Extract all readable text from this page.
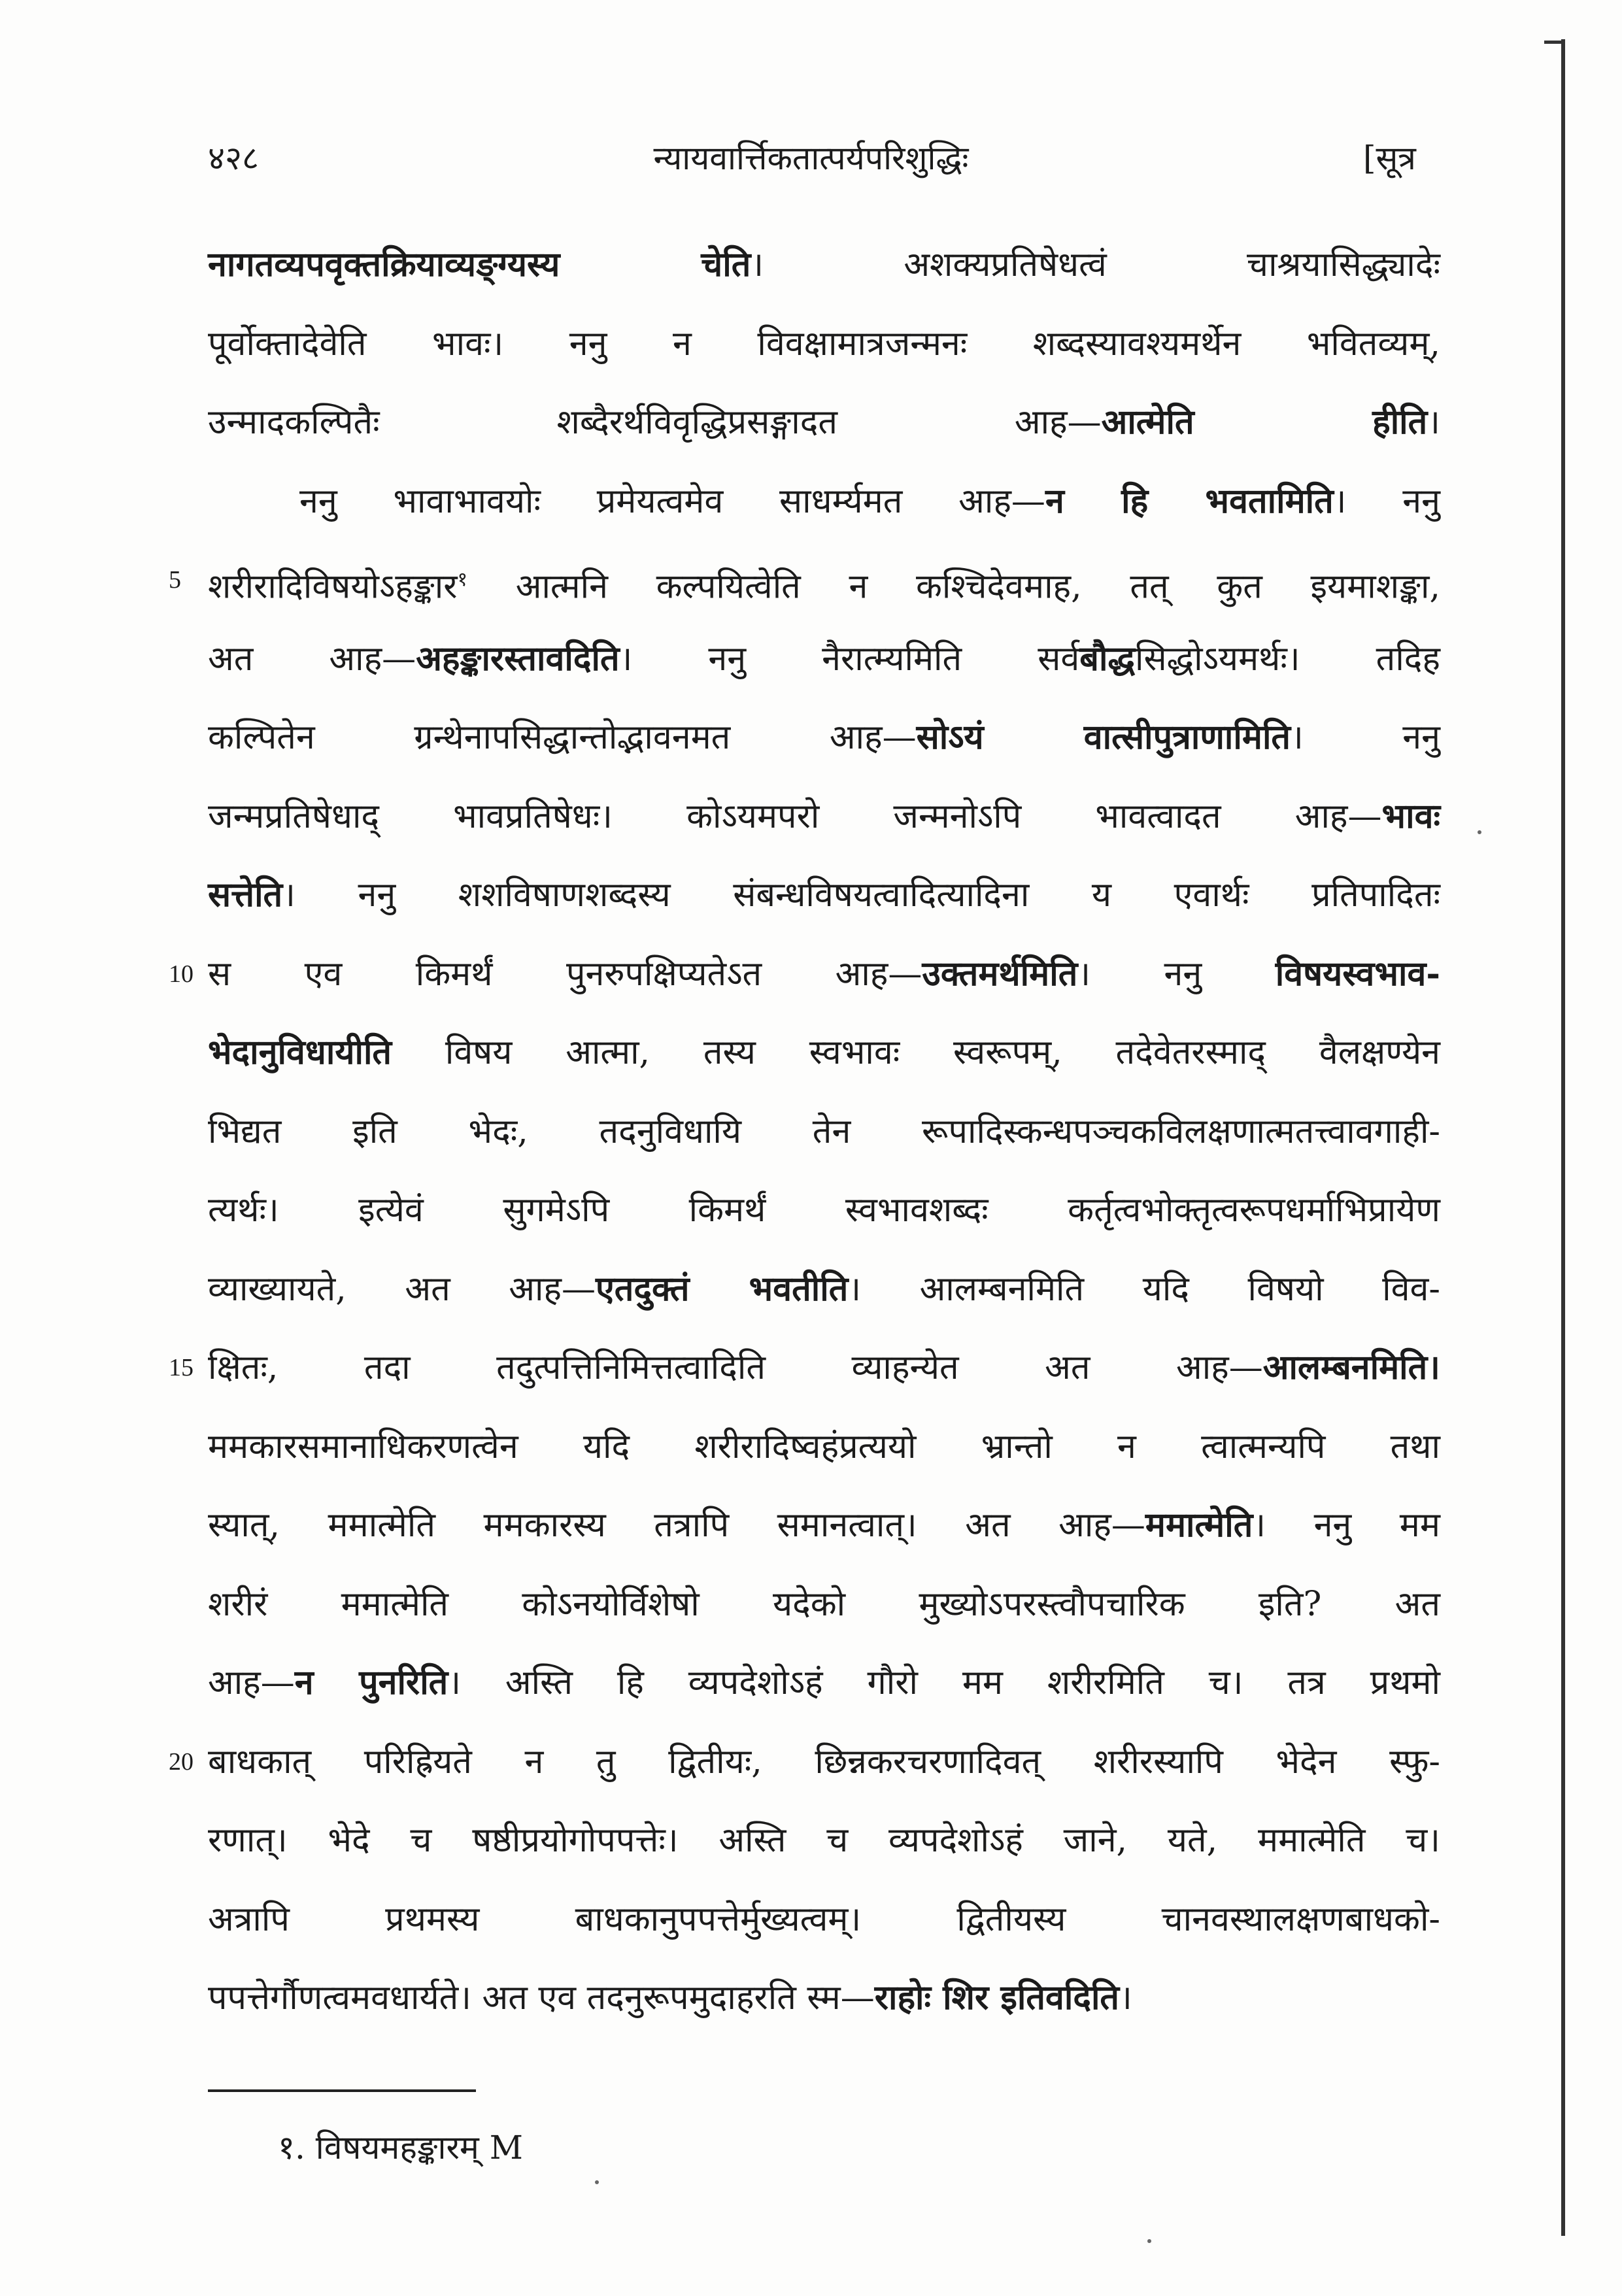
४२८	न्यायवार्त्तिकतात्पर्यपरिशुद्धिः	[सूत्र
नागतव्यपवृक्तक्रियाव्यङ्ग्यस्य चेति। अशक्यप्रतिषेधत्वं चाश्रयासिद्ध्यादेः
पूर्वोक्तादेवेति भावः। ननु न विवक्षामात्रजन्मनः शब्दस्यावश्यमर्थेन भवितव्यम्,
उन्मादकल्पितैः शब्दैरर्थविवृद्धिप्रसङ्गादत आह—आत्मेति हीति।
ननु भावाभावयोः प्रमेयत्वमेव साधर्म्यमत आह—न हि भवतामिति। ननु
5 शरीरादिविषयोऽहङ्कार$^१$ आत्मनि कल्पयित्वेति न कश्चिदेवमाह, तत् कुत इयमाशङ्का,
अत आह—अहङ्कारस्तावदिति। ननु नैरात्म्यमिति सर्वबौद्धसिद्धोऽयमर्थः। तदिह
कल्पितेन ग्रन्थेनापसिद्धान्तोद्भावनमत आह—सोऽयं वात्सीपुत्राणामिति। ननु
जन्मप्रतिषेधाद् भावप्रतिषेधः। कोऽयमपरो जन्मनोऽपि भावत्वादत आह—भावः
सत्तेति। ननु शशविषाणशब्दस्य संबन्धविषयत्वादित्यादिना य एवार्थः प्रतिपादितः
10 स एव किमर्थं पुनरुपक्षिप्यतेऽत आह—उक्तमर्थमिति। ननु विषयस्वभाव-
भेदानुविधायीति विषय आत्मा, तस्य स्वभावः स्वरूपम्, तदेवेतरस्माद् वैलक्षण्येन
भिद्यत इति भेदः, तदनुविधायि तेन रूपादिस्कन्धपञ्चकविलक्षणात्मतत्त्वावगाही-
त्यर्थः। इत्येवं सुगमेऽपि किमर्थं स्वभावशब्दः कर्तृत्वभोक्तृत्वरूपधर्माभिप्रायेण
व्याख्यायते, अत आह—एतदुक्तं भवतीति। आलम्बनमिति यदि विषयो विव-
15 क्षितः, तदा तदुत्पत्तिनिमित्तत्वादिति व्याहन्येत अत आह—आलम्बनमिति।
ममकारसमानाधिकरणत्वेन यदि शरीरादिष्वहंप्रत्ययो भ्रान्तो न त्वात्मन्यपि तथा
स्यात्, ममात्मेति ममकारस्य तत्रापि समानत्वात्। अत आह—ममात्मेति। ननु मम
शरीरं ममात्मेति कोऽनयोर्विशेषो यदेको मुख्योऽपरस्त्वौपचारिक इति? अत
आह—न पुनरिति। अस्ति हि व्यपदेशोऽहं गौरो मम शरीरमिति च। तत्र प्रथमो
20 बाधकात् परिह्रियते न तु द्वितीयः, छिन्नकरचरणादिवत् शरीरस्यापि भेदेन स्फु-
रणात्। भेदे च षष्ठीप्रयोगोपपत्तेः। अस्ति च व्यपदेशोऽहं जाने, यते, ममात्मेति च।
अत्रापि प्रथमस्य बाधकानुपपत्तेर्मुख्यत्वम्। द्वितीयस्य चानवस्थालक्षणबाधको-
पपत्तेर्गौणत्वमवधार्यते। अत एव तदनुरूपमुदाहरति स्म—राहोः शिर इतिवदिति।
१. विषयमहङ्कारम् M
